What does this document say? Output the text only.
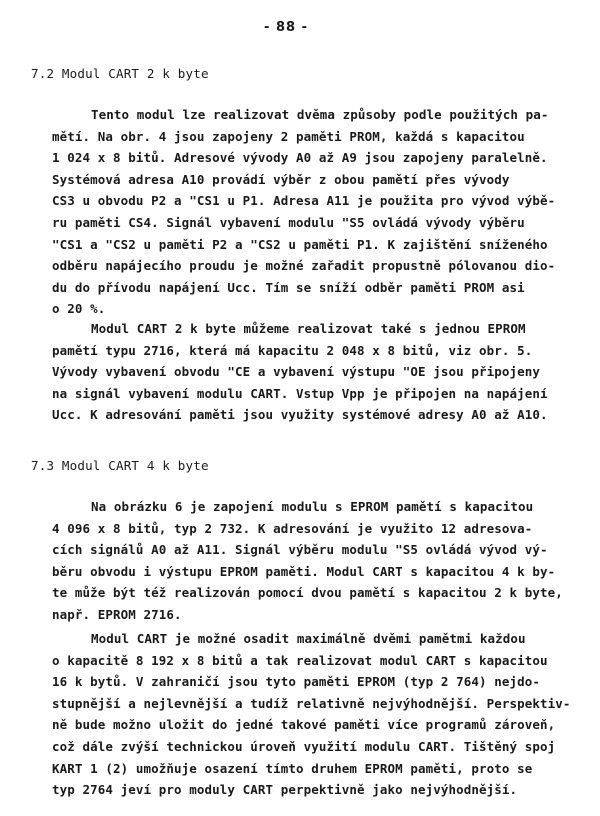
- 88 -
7.2 Modul CART 2 k byte
Tento modul lze realizovat dvěma způsoby podle použitých pa-
mětí. Na obr. 4 jsou zapojeny 2 paměti PROM, každá s kapacitou
1 024 x 8 bitů. Adresové vývody A0 až A9 jsou zapojeny paralelně.
Systémová adresa A10 provádí výběr z obou pamětí přes vývody
CS3 u obvodu P2 a "CS1 u P1. Adresa A11 je použita pro vývod výbě-
ru paměti CS4. Signál vybavení modulu "S5 ovládá vývody výběru
"CS1 a "CS2 u paměti P2 a "CS2 u paměti P1. K zajištění sníženého
odběru napájecího proudu je možné zařadit propustně pólovanou dio-
du do přívodu napájení Ucc. Tím se sníží odběr paměti PROM asi
o 20 %.
Modul CART 2 k byte můžeme realizovat také s jednou EPROM
pamětí typu 2716, která má kapacitu 2 048 x 8 bitů, viz obr. 5.
Vývody vybavení obvodu "CE a vybavení výstupu "OE jsou připojeny
na signál vybavení modulu CART. Vstup Vpp je připojen na napájení
Ucc. K adresování paměti jsou využity systémové adresy A0 až A10.
7.3 Modul CART 4 k byte
Na obrázku 6 je zapojení modulu s EPROM pamětí s kapacitou
4 096 x 8 bitů, typ 2 732. K adresování je využito 12 adresova-
cích signálů A0 až A11. Signál výběru modulu "S5 ovládá vývod vý-
běru obvodu i výstupu EPROM paměti. Modul CART s kapacitou 4 k by-
te může být též realizován pomocí dvou pamětí s kapacitou 2 k byte,
např. EPROM 2716.
Modul CART je možné osadit maximálně dvěmi pamětmi každou
o kapacitě 8 192 x 8 bitů a tak realizovat modul CART s kapacitou
16 k bytů. V zahraničí jsou tyto paměti EPROM (typ 2 764) nejdo-
stupnější a nejlevnější a tudíž relativně nejvýhodnější. Perspektiv-
ně bude možno uložit do jedné takové paměti více programů zároveň,
což dále zvýší technickou úroveň využití modulu CART. Tištěný spoj
KART 1 (2) umožňuje osazení tímto druhem EPROM paměti, proto se
typ 2764 jeví pro moduly CART perpektivně jako nejvýhodnější.
